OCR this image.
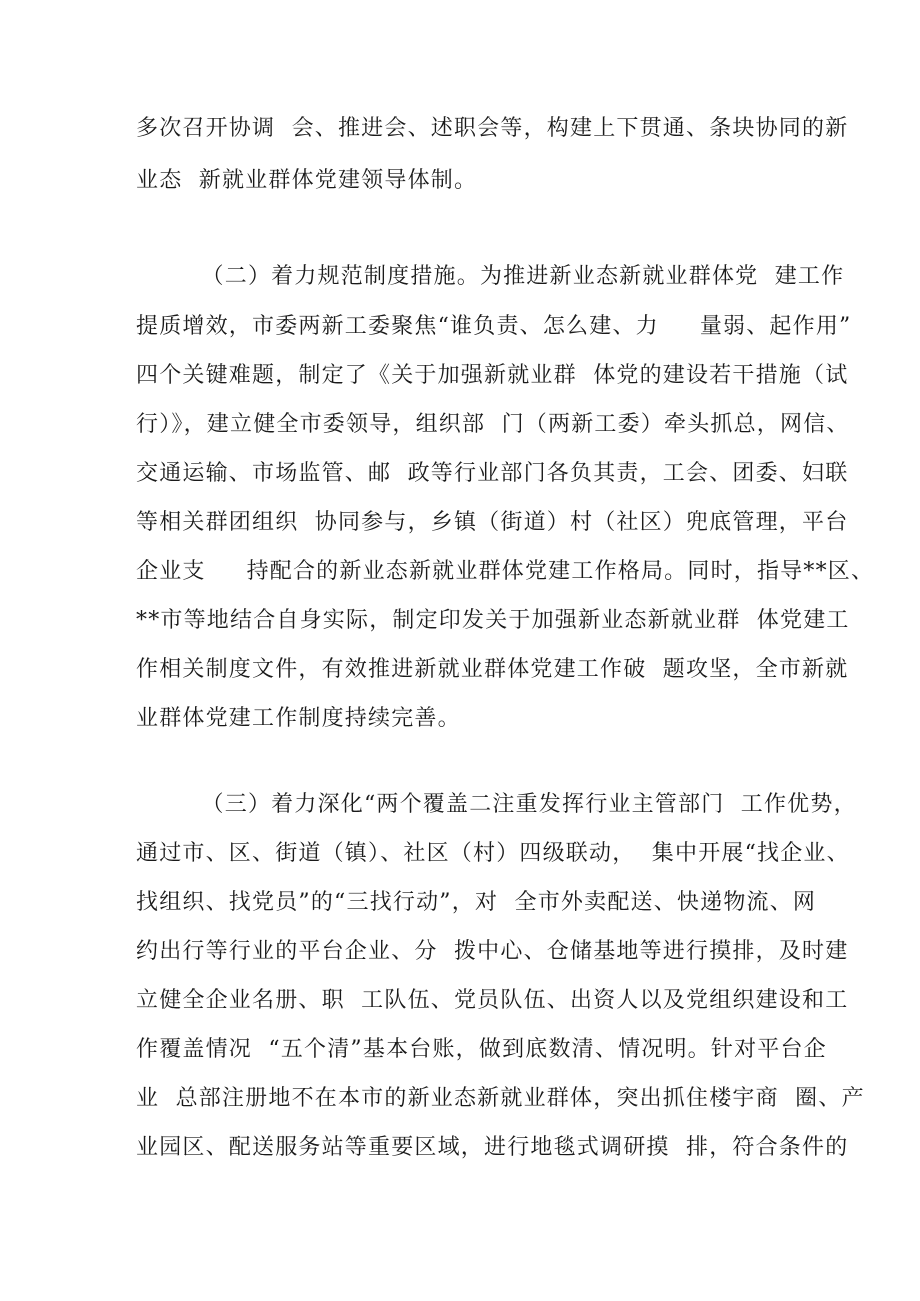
多次召开协调  会、推进会、述职会等，构建上下贯通、条块协同的新
业态  新就业群体党建领导体制。
（二）着力规范制度措施。为推进新业态新就业群体党  建工作
提质增效，市委两新工委聚焦“谁负责、怎么建、力     量弱、起作用”
四个关键难题，制定了《关于加强新就业群  体党的建设若干措施（试
行）》，建立健全市委领导，组织部  门（两新工委）牵头抓总，网信、
交通运输、市场监管、邮  政等行业部门各负其责，工会、团委、妇联
等相关群团组织  协同参与，乡镇（街道）村（社区）兜底管理，平台
企业支     持配合的新业态新就业群体党建工作格局。同时，指导**区、
**市等地结合自身实际，制定印发关于加强新业态新就业群  体党建工
作相关制度文件，有效推进新就业群体党建工作破  题攻坚，全市新就
业群体党建工作制度持续完善。
（三）着力深化“两个覆盖二注重发挥行业主管部门  工作优势，
通过市、区、街道（镇）、社区（村）四级联动，  集中开展“找企业、
找组织、找党员”的“三找行动”，对  全市外卖配送、快递物流、网
约出行等行业的平台企业、分  拨中心、仓储基地等进行摸排，及时建
立健全企业名册、职  工队伍、党员队伍、出资人以及党组织建设和工
作覆盖情况  “五个清”基本台账，做到底数清、情况明。针对平台企
业  总部注册地不在本市的新业态新就业群体，突出抓住楼宇商  圈、产
业园区、配送服务站等重要区域，进行地毯式调研摸  排，符合条件的
